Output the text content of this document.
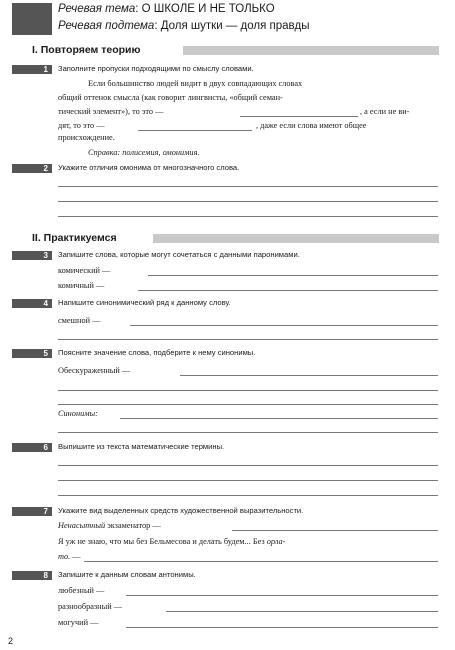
Речевая тема: О ШКОЛЕ И НЕ ТОЛЬКО
Речевая подтема: Доля шутки — доля правды
I. Повторяем теорию
1	Заполните пропуски подходящими по смыслу словами.
Если большинство людей видит в двух совпадающих словах
общий оттенок смысла (как говорит лингвисты, «общий семан-
тический элемент»), то это —	, а если не ви-
дят, то это —	, даже если слова имеют общее
происхождение.
Справка: полисемия, омонимия.
2	Укажите отличия омонима от многозначного слова.
II. Практикуемся
3	Запишите слова, которые могут сочетаться с данными паронимами.
комический —
комичный —
4	Напишите синонимический ряд к данному слову.
смешной —
5	Поясните значение слова, подберите к нему синонимы.
Обескураженный —
Синонимы:
6	Выпишите из текста математические термины.
7	Укажите вид выделенных средств художественной выразительности.
Ненасытный экзаменатор —
Я уж не знаю, что мы без Бельмесова и делать будем... Без орла-
то. —
8	Запишите к данным словам антонимы.
любезный —
разнообразный —
могучий —
2
